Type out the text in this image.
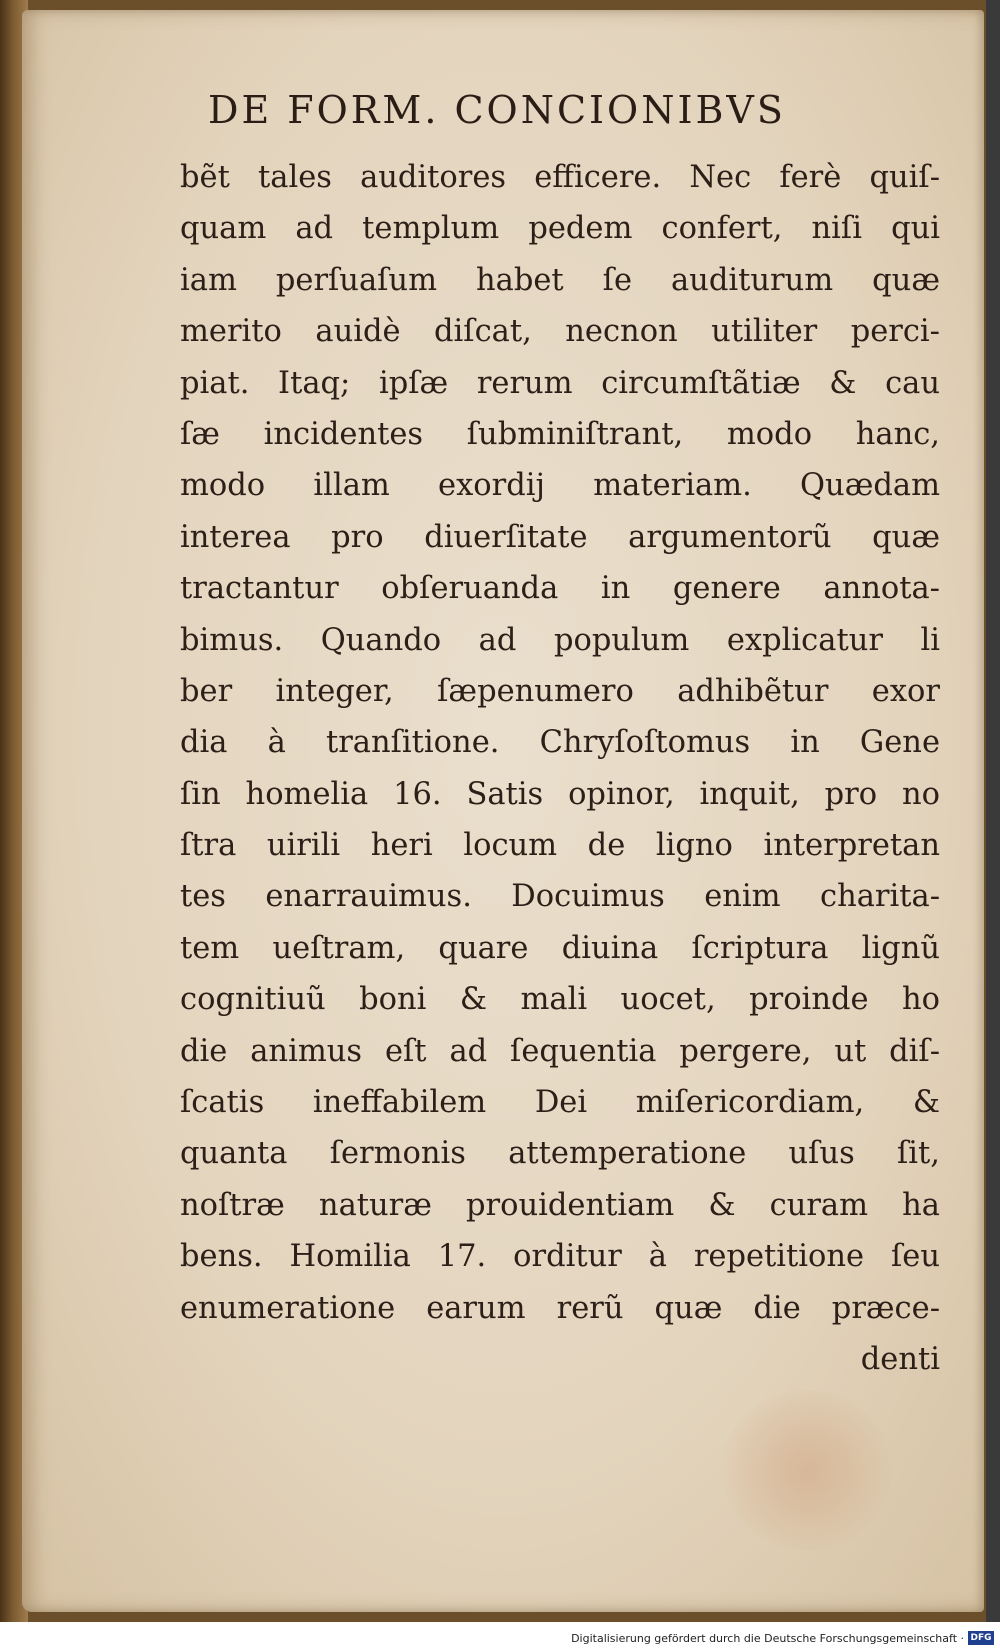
DE FORM. CONCIONIBVS
bẽt tales auditores efficere. Nec ferè quiſ-
quam ad templum pedem confert, niſi qui
iam perſuaſum habet ſe auditurum quæ
merito auidè diſcat, necnon utiliter perci-
piat. Itaq; ipſæ rerum circumſtãtiæ & cau
ſæ incidentes ſubminiſtrant, modo hanc,
modo illam exordij materiam. Quædam
interea pro diuerſitate argumentorũ quæ
tractantur obſeruanda in genere annota-
bimus. Quando ad populum explicatur li
ber integer, ſæpenumero adhibẽtur exor
dia à tranſitione. Chryſoſtomus in Gene
ſin homelia 16. Satis opinor, inquit, pro no
ſtra uirili heri locum de ligno interpretan
tes enarrauimus. Docuimus enim charita-
tem ueſtram, quare diuina ſcriptura lignũ
cognitiuũ boni & mali uocet, proinde ho
die animus eſt ad ſequentia pergere, ut diſ-
ſcatis ineffabilem Dei miſericordiam, &
quanta ſermonis attemperatione uſus ſit,
noſtræ naturæ prouidentiam & curam ha
bens. Homilia 17. orditur à repetitione ſeu
enumeratione earum rerũ quæ die præce-
denti
Digitalisierung gefördert durch die Deutsche Forschungsgemeinschaft · DFG
